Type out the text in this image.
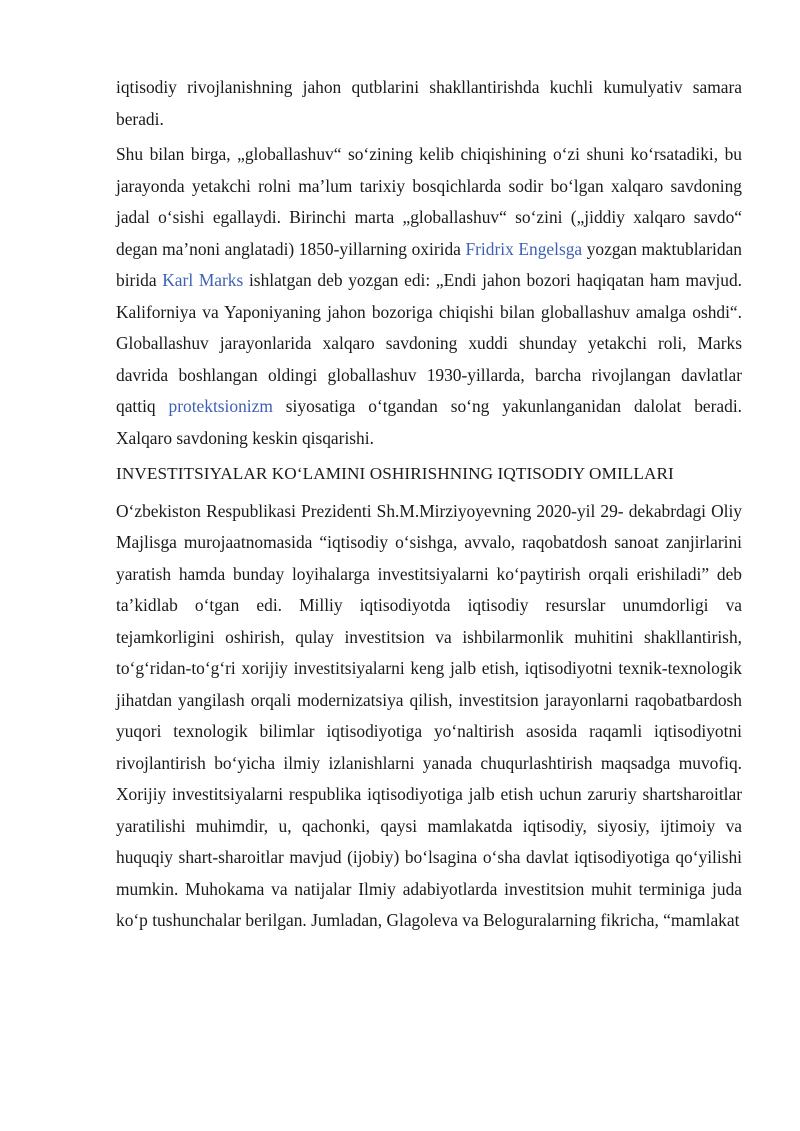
iqtisodiy rivojlanishning jahon qutblarini shakllantirishda kuchli kumulyativ samara beradi.

Shu bilan birga, „globallashuv“ so‘zining kelib chiqishining o‘zi shuni ko‘rsatadiki, bu jarayonda yetakchi rolni ma’lum tarixiy bosqichlarda sodir bo‘lgan xalqaro savdoning jadal o‘sishi egallaydi. Birinchi marta „globallashuv“ so‘zini („jiddiy xalqaro savdo“ degan ma’noni anglatadi) 1850-yillarning oxirida Fridrix Engelsga yozgan maktublaridan birida Karl Marks ishlatgan deb yozgan edi: „Endi jahon bozori haqiqatan ham mavjud. Kaliforniya va Yaponiyaning jahon bozoriga chiqishi bilan globallashuv amalga oshdi“. Globallashuv jarayonlarida xalqaro savdoning xuddi shunday yetakchi roli, Marks davrida boshlangan oldingi globallashuv 1930-yillarda, barcha rivojlangan davlatlar qattiq protektsionizm siyosatiga o‘tgandan so‘ng yakunlanganidan dalolat beradi. Xalqaro savdoning keskin qisqarishi.

INVESTITSIYALAR KO‘LAMINI OSHIRISHNING IQTISODIY OMILLARI

O‘zbekiston Respublikasi Prezidenti Sh.M.Mirziyoyevning 2020-yil 29- dekabrdagi Oliy Majlisga murojaatnomasida “iqtisodiy o‘sishga, avvalo, raqobatdosh sanoat zanjirlarini yaratish hamda bunday loyihalarga investitsiyalarni ko‘paytirish orqali erishiladi” deb ta’kidlab o‘tgan edi. Milliy iqtisodiyotda iqtisodiy resurslar unumdorligi va tejamkorligini oshirish, qulay investitsion va ishbilarmonlik muhitini shakllantirish, to‘g‘ridan-to‘g‘ri xorijiy investitsiyalarni keng jalb etish, iqtisodiyotni texnik-texnologik jihatdan yangilash orqali modernizatsiya qilish, investitsion jarayonlarni raqobatbardosh yuqori texnologik bilimlar iqtisodiyotiga yo‘naltirish asosida raqamli iqtisodiyotni rivojlantirish bo‘yicha ilmiy izlanishlarni yanada chuqurlashtirish maqsadga muvofiq. Xorijiy investitsiyalarni respublika iqtisodiyotiga jalb etish uchun zaruriy shartsharoitlar yaratilishi muhimdir, u, qachonki, qaysi mamlakatda iqtisodiy, siyosiy, ijtimoiy va huquqiy shart-sharoitlar mavjud (ijobiy) bo‘lsagina o‘sha davlat iqtisodiyotiga qo‘yilishi mumkin. Muhokama va natijalar Ilmiy adabiyotlarda investitsion muhit terminiga juda ko‘p tushunchalar berilgan. Jumladan, Glagoleva va Beloguralarning fikricha, “mamlakat
